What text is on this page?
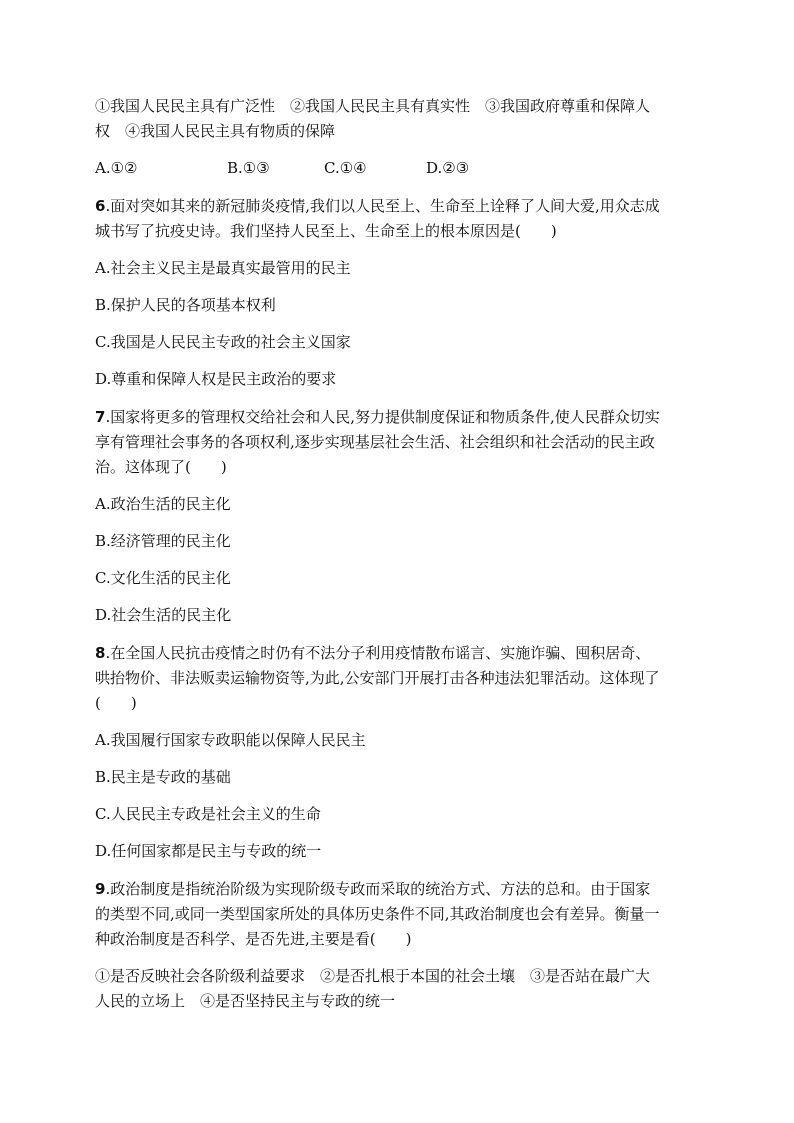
①我国人民民主具有广泛性　②我国人民民主具有真实性　③我国政府尊重和保障人

权　④我国人民民主具有物质的保障

A.①②	B.①③	C.①④	D.②③

6.面对突如其来的新冠肺炎疫情,我们以人民至上、生命至上诠释了人间大爱,用众志成

城书写了抗疫史诗。我们坚持人民至上、生命至上的根本原因是(　　)

A.社会主义民主是最真实最管用的民主

B.保护人民的各项基本权利

C.我国是人民民主专政的社会主义国家

D.尊重和保障人权是民主政治的要求

7.国家将更多的管理权交给社会和人民,努力提供制度保证和物质条件,使人民群众切实

享有管理社会事务的各项权利,逐步实现基层社会生活、社会组织和社会活动的民主政

治。这体现了(　　)

A.政治生活的民主化

B.经济管理的民主化

C.文化生活的民主化

D.社会生活的民主化

8.在全国人民抗击疫情之时仍有不法分子利用疫情散布谣言、实施诈骗、囤积居奇、

哄抬物价、非法贩卖运输物资等,为此,公安部门开展打击各种违法犯罪活动。这体现了

(　　)

A.我国履行国家专政职能以保障人民民主

B.民主是专政的基础

C.人民民主专政是社会主义的生命

D.任何国家都是民主与专政的统一

9.政治制度是指统治阶级为实现阶级专政而采取的统治方式、方法的总和。由于国家

的类型不同,或同一类型国家所处的具体历史条件不同,其政治制度也会有差异。衡量一

种政治制度是否科学、是否先进,主要是看(　　)

①是否反映社会各阶级利益要求　②是否扎根于本国的社会土壤　③是否站在最广大

人民的立场上　④是否坚持民主与专政的统一
